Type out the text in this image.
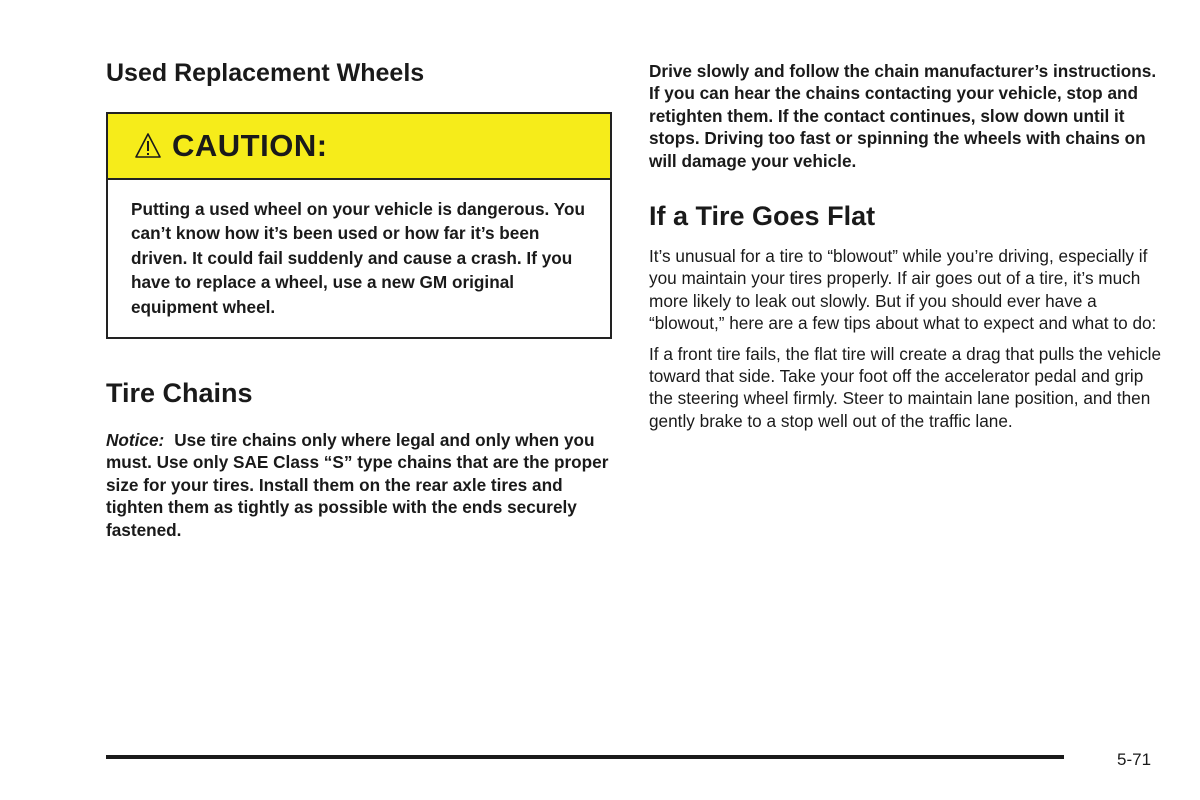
Used Replacement Wheels
CAUTION:
Putting a used wheel on your vehicle is dangerous. You can’t know how it’s been used or how far it’s been driven. It could fail suddenly and cause a crash. If you have to replace a wheel, use a new GM original equipment wheel.
Tire Chains

Notice: Use tire chains only where legal and only when you must. Use only SAE Class “S” type chains that are the proper size for your tires. Install them on the rear axle tires and tighten them as tightly as possible with the ends securely fastened.

Drive slowly and follow the chain manufacturer’s instructions. If you can hear the chains contacting your vehicle, stop and retighten them. If the contact continues, slow down until it stops. Driving too fast or spinning the wheels with chains on will damage your vehicle.

If a Tire Goes Flat

It’s unusual for a tire to “blowout” while you’re driving, especially if you maintain your tires properly. If air goes out of a tire, it’s much more likely to leak out slowly. But if you should ever have a “blowout,” here are a few tips about what to expect and what to do:

If a front tire fails, the flat tire will create a drag that pulls the vehicle toward that side. Take your foot off the accelerator pedal and grip the steering wheel firmly. Steer to maintain lane position, and then gently brake to a stop well out of the traffic lane.

5-71
